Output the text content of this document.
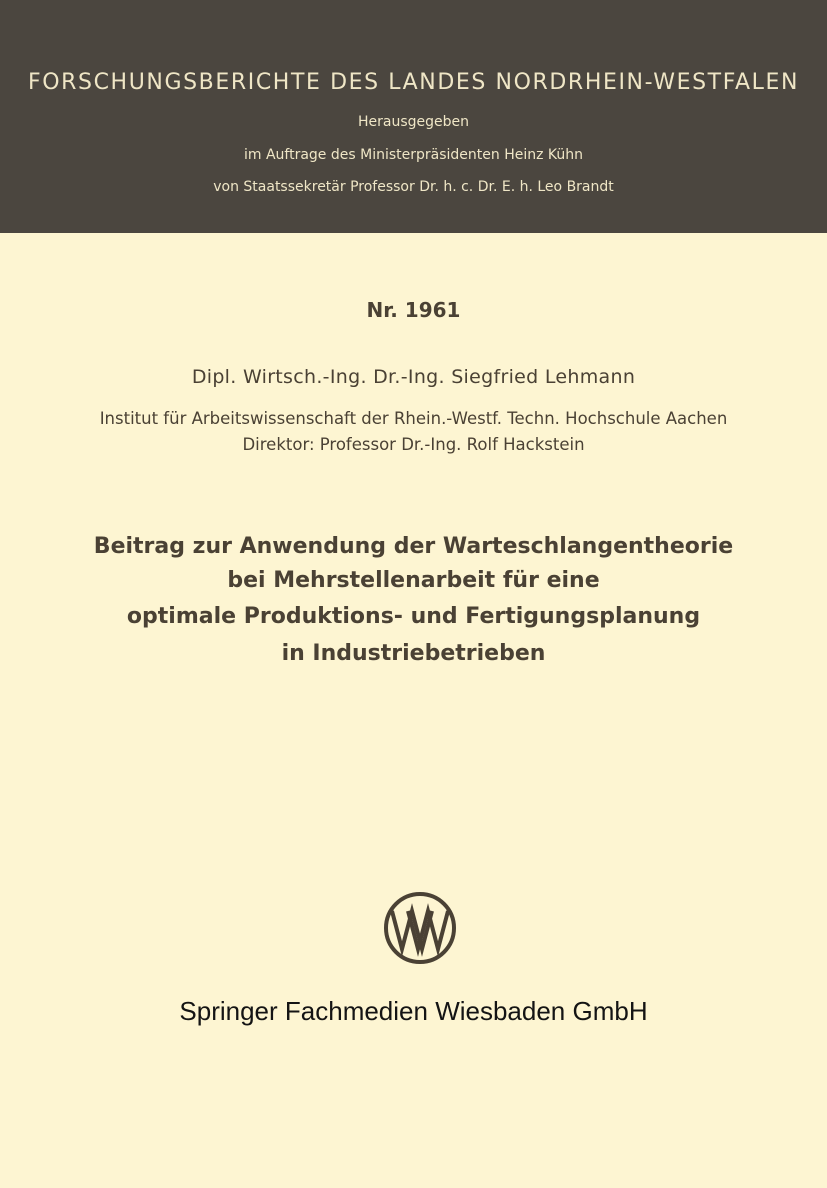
FORSCHUNGSBERICHTE DES LANDES NORDRHEIN-WESTFALEN
Herausgegeben
im Auftrage des Ministerpräsidenten Heinz Kühn
von Staatssekretär Professor Dr. h. c. Dr. E. h. Leo Brandt
Nr. 1961
Dipl. Wirtsch.-Ing. Dr.-Ing. Siegfried Lehmann
Institut für Arbeitswissenschaft der Rhein.-Westf. Techn. Hochschule Aachen
Direktor: Professor Dr.-Ing. Rolf Hackstein
Beitrag zur Anwendung der Warteschlangentheorie
bei Mehrstellenarbeit für eine
optimale Produktions- und Fertigungsplanung
in Industriebetrieben
Springer Fachmedien Wiesbaden GmbH
